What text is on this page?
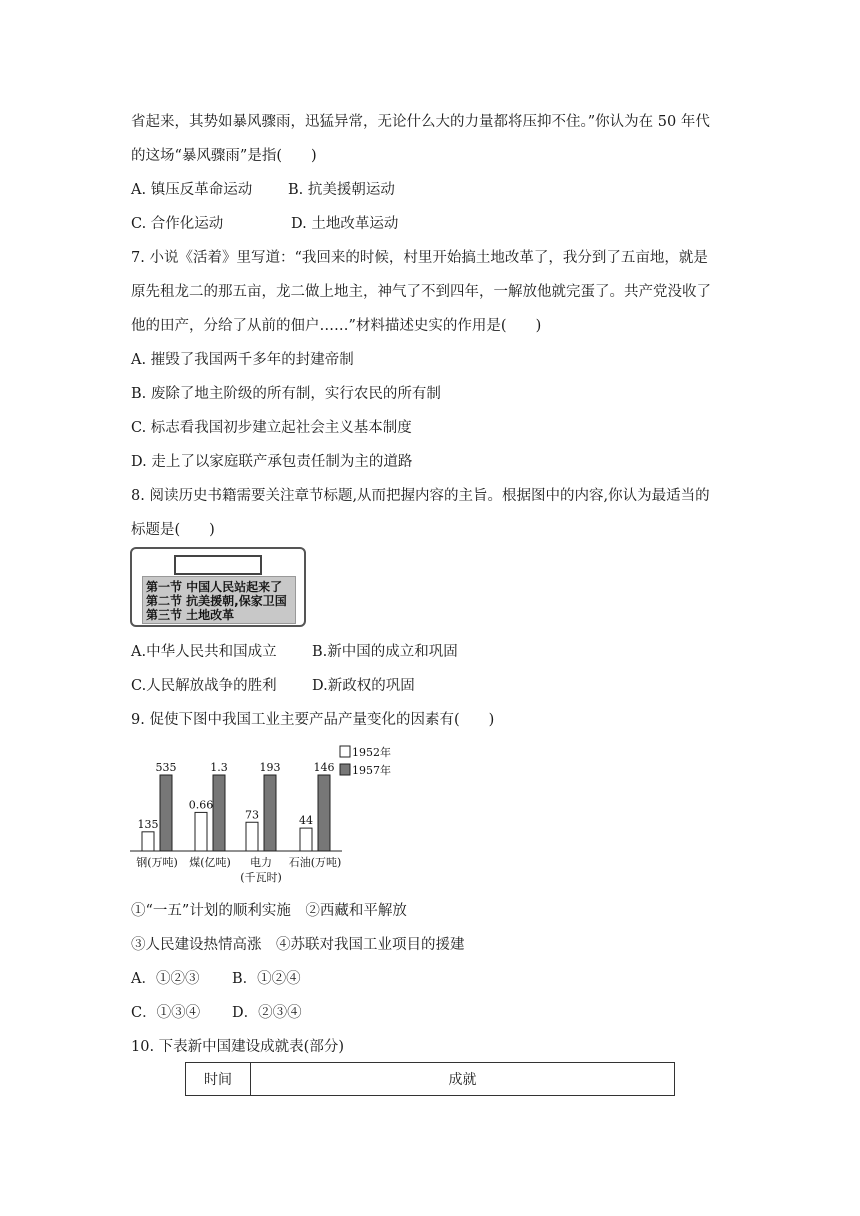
省起来，其势如暴风骤雨，迅猛异常，无论什么大的力量都将压抑不住。”你认为在 50 年代
的这场“暴风骤雨”是指(　　)
A. 镇压反革命运动 B. 抗美援朝运动
C. 合作化运动	D. 土地改革运动
7. 小说《活着》里写道：“我回来的时候，村里开始搞土地改革了，我分到了五亩地，就是
原先租龙二的那五亩，龙二做上地主，神气了不到四年，一解放他就完蛋了。共产党没收了
他的田产，分给了从前的佃户……”材料描述史实的作用是(　　)
A. 摧毁了我国两千多年的封建帝制
B. 废除了地主阶级的所有制，实行农民的所有制
C. 标志看我国初步建立起社会主义基本制度
D. 走上了以家庭联产承包责任制为主的道路
8. 阅读历史书籍需要关注章节标题,从而把握内容的主旨。根据图中的内容,你认为最适当的
标题是(　　)
第一节 中国人民站起来了
第二节 抗美援朝,保家卫国
第三节 土地改革
A.中华人民共和国成立 B.新中国的成立和巩固
C.人民解放战争的胜利 D.新政权的巩固
9. 促使下图中我国工业主要产品产量变化的因素有(　　)
1952年
1957年
135
535
0.66
1.3
73
193
44
146
钢(万吨) 煤(亿吨) 电力
(千瓦时)
石油(万吨)
①“一五”计划的顺利实施　②西藏和平解放
③人民建设热情高涨　④苏联对我国工业项目的援建
A．①②③ B．①②④
C．①③④ D．②③④
10. 下表新中国建设成就表(部分)
时间	成就
